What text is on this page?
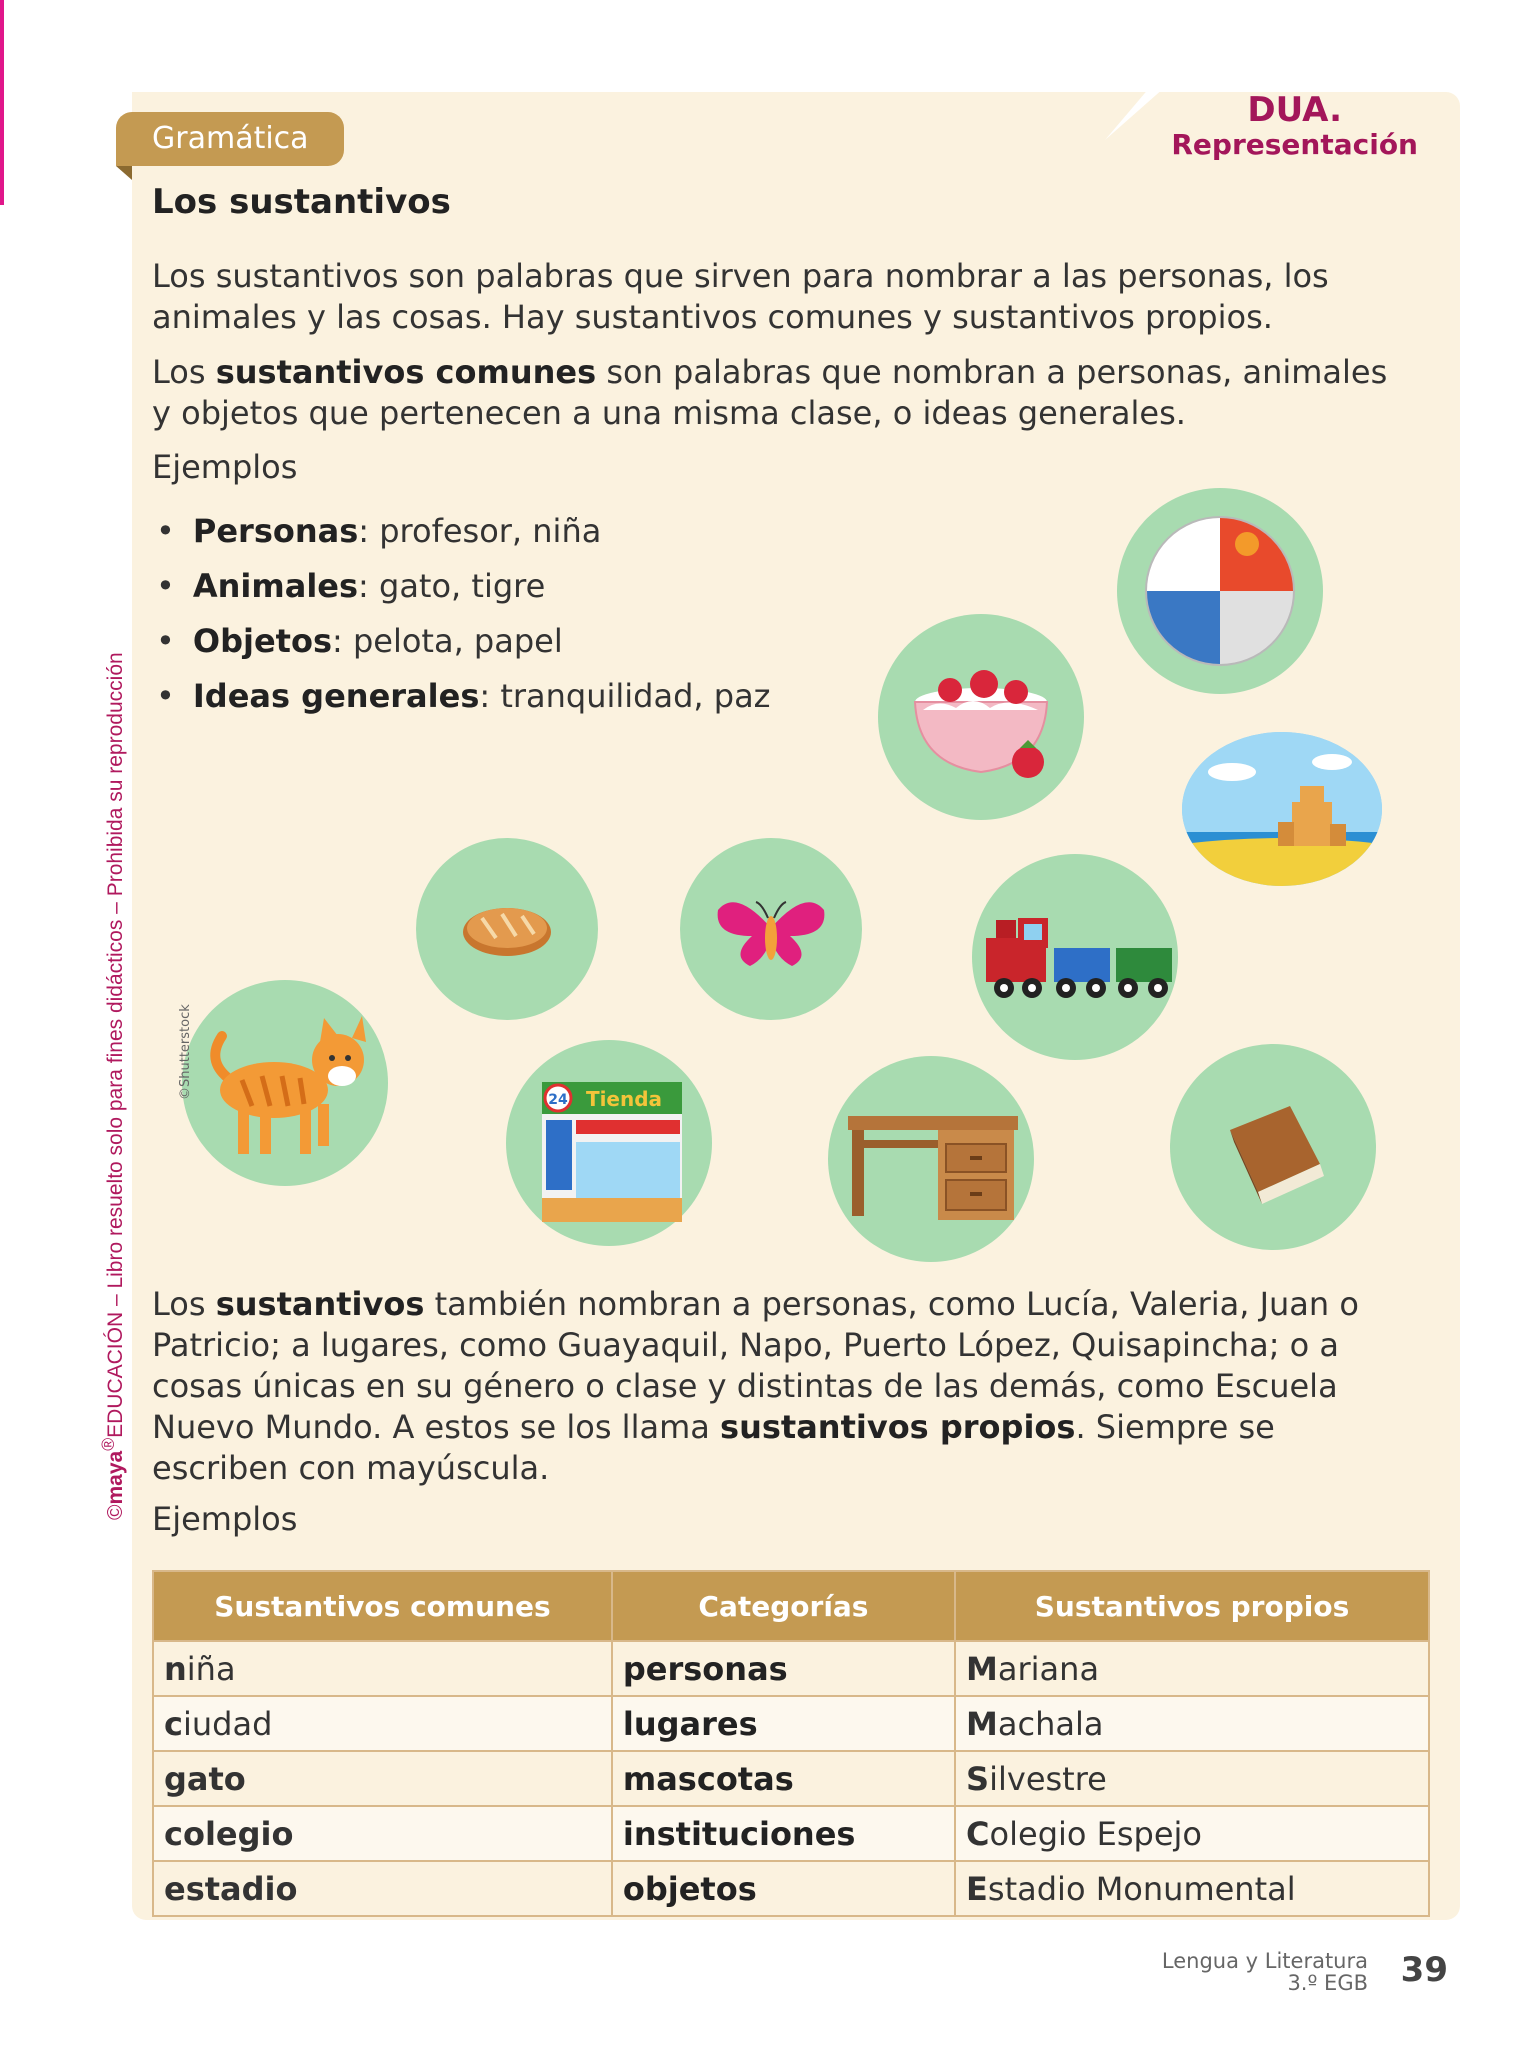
©maya®EDUCACIÓN – Libro resuelto solo para fines didácticos – Prohibida su reproducción
Gramática
DUA.
Representación
Los sustantivos
Los sustantivos son palabras que sirven para nombrar a las personas, los animales y las cosas. Hay sustantivos comunes y sustantivos propios.
Los sustantivos comunes son palabras que nombran a personas, animales y objetos que pertenecen a una misma clase, o ideas generales.
Ejemplos
• Personas: profesor, niña
• Animales: gato, tigre
• Objetos: pelota, papel
• Ideas generales: tranquilidad, paz
©Shutterstock	24 Tienda
Los sustantivos también nombran a personas, como Lucía, Valeria, Juan o Patricio; a lugares, como Guayaquil, Napo, Puerto López, Quisapincha; o a cosas únicas en su género o clase y distintas de las demás, como Escuela Nuevo Mundo. A estos se los llama sustantivos propios. Siempre se escriben con mayúscula.
Ejemplos
Sustantivos comunes	Categorías	Sustantivos propios
niña	personas	Mariana
ciudad	lugares	Machala
gato	mascotas	Silvestre
colegio	instituciones	Colegio Espejo
estadio	objetos	Estadio Monumental
Lengua y Literatura
3.º EGB 39
